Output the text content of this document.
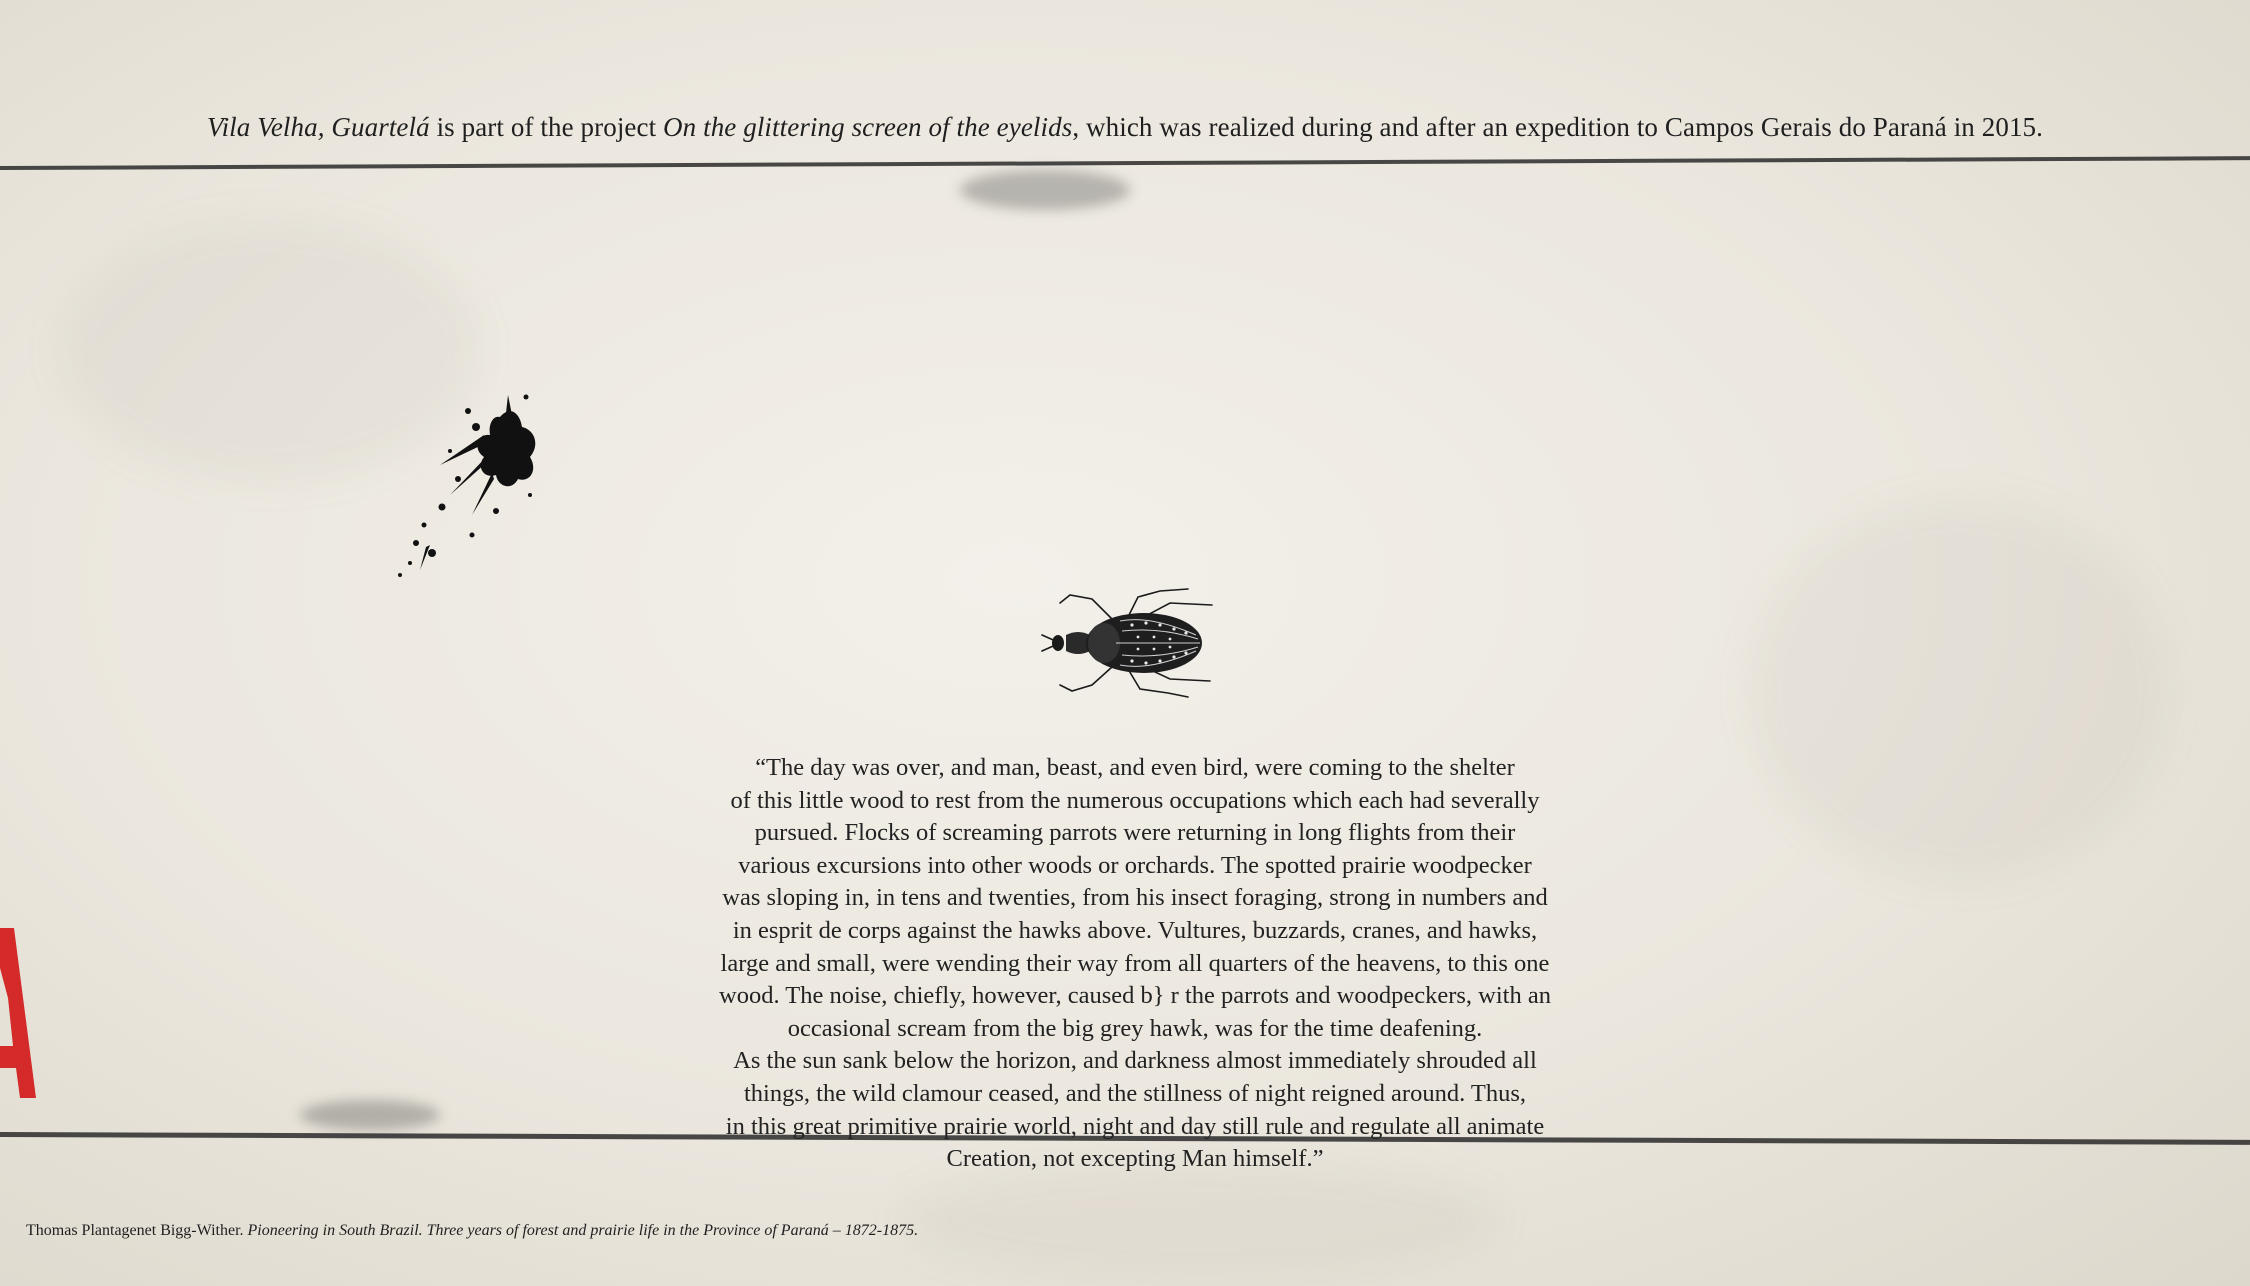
Vila Velha, Guartelá is part of the project On the glittering screen of the eyelids, which was realized during and after an expedition to Campos Gerais do Paraná in 2015.
“The day was over, and man, beast, and even bird, were coming to the shelter
of this little wood to rest from the numerous occupations which each had severally
pursued. Flocks of screaming parrots were returning in long flights from their
various excursions into other woods or orchards. The spotted prairie woodpecker
was sloping in, in tens and twenties, from his insect foraging, strong in numbers and
in esprit de corps against the hawks above. Vultures, buzzards, cranes, and hawks,
large and small, were wending their way from all quarters of the heavens, to this one
wood. The noise, chiefly, however, caused b} r the parrots and woodpeckers, with an
occasional scream from the big grey hawk, was for the time deafening.
As the sun sank below the horizon, and darkness almost immediately shrouded all
things, the wild clamour ceased, and the stillness of night reigned around. Thus,
in this great primitive prairie world, night and day still rule and regulate all animate
Creation, not excepting Man himself.”
Thomas Plantagenet Bigg-Wither. Pioneering in South Brazil. Three years of forest and prairie life in the Province of Paraná – 1872-1875.
